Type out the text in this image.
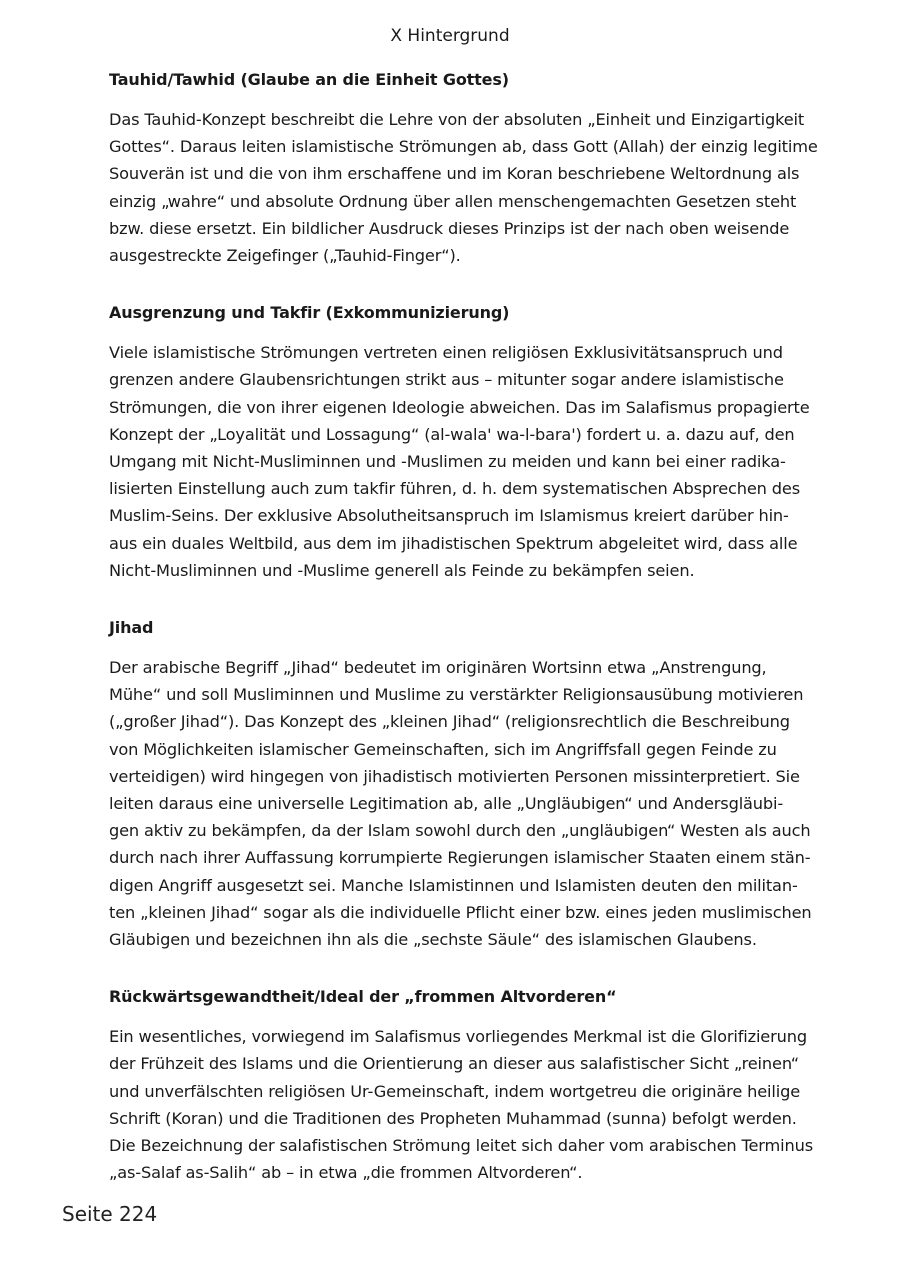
X Hintergrund
Tauhid/Tawhid (Glaube an die Einheit Gottes)

Das Tauhid-Konzept beschreibt die Lehre von der absoluten „Einheit und Einzigartigkeit
Gottes“. Daraus leiten islamistische Strömungen ab, dass Gott (Allah) der einzig legitime
Souverän ist und die von ihm erschaffene und im Koran beschriebene Weltordnung als
einzig „wahre“ und absolute Ordnung über allen menschengemachten Gesetzen steht
bzw. diese ersetzt. Ein bildlicher Ausdruck dieses Prinzips ist der nach oben weisende
ausgestreckte Zeigefinger („Tauhid-Finger“).

Ausgrenzung und Takfir (Exkommunizierung)

Viele islamistische Strömungen vertreten einen religiösen Exklusivitätsanspruch und
grenzen andere Glaubensrichtungen strikt aus – mitunter sogar andere islamistische
Strömungen, die von ihrer eigenen Ideologie abweichen. Das im Salafismus propagierte
Konzept der „Loyalität und Lossagung“ (al-wala' wa-l-bara') fordert u. a. dazu auf, den
Umgang mit Nicht-Musliminnen und -Muslimen zu meiden und kann bei einer radika-
lisierten Einstellung auch zum takfir führen, d. h. dem systematischen Absprechen des
Muslim-Seins. Der exklusive Absolutheitsanspruch im Islamismus kreiert darüber hin-
aus ein duales Weltbild, aus dem im jihadistischen Spektrum abgeleitet wird, dass alle
Nicht-Musliminnen und -Muslime generell als Feinde zu bekämpfen seien.

Jihad

Der arabische Begriff „Jihad“ bedeutet im originären Wortsinn etwa „Anstrengung,
Mühe“ und soll Musliminnen und Muslime zu verstärkter Religionsausübung motivieren
(„großer Jihad“). Das Konzept des „kleinen Jihad“ (religionsrechtlich die Beschreibung
von Möglichkeiten islamischer Gemeinschaften, sich im Angriffsfall gegen Feinde zu
verteidigen) wird hingegen von jihadistisch motivierten Personen missinterpretiert. Sie
leiten daraus eine universelle Legitimation ab, alle „Ungläubigen“ und Andersgläubi-
gen aktiv zu bekämpfen, da der Islam sowohl durch den „ungläubigen“ Westen als auch
durch nach ihrer Auffassung korrumpierte Regierungen islamischer Staaten einem stän-
digen Angriff ausgesetzt sei. Manche Islamistinnen und Islamisten deuten den militan-
ten „kleinen Jihad“ sogar als die individuelle Pflicht einer bzw. eines jeden muslimischen
Gläubigen und bezeichnen ihn als die „sechste Säule“ des islamischen Glaubens.

Rückwärtsgewandtheit/Ideal der „frommen Altvorderen“

Ein wesentliches, vorwiegend im Salafismus vorliegendes Merkmal ist die Glorifizierung
der Frühzeit des Islams und die Orientierung an dieser aus salafistischer Sicht „reinen“
und unverfälschten religiösen Ur-Gemeinschaft, indem wortgetreu die originäre heilige
Schrift (Koran) und die Traditionen des Propheten Muhammad (sunna) befolgt werden.
Die Bezeichnung der salafistischen Strömung leitet sich daher vom arabischen Terminus
„as-Salaf as-Salih“ ab – in etwa „die frommen Altvorderen“.

Seite 224
